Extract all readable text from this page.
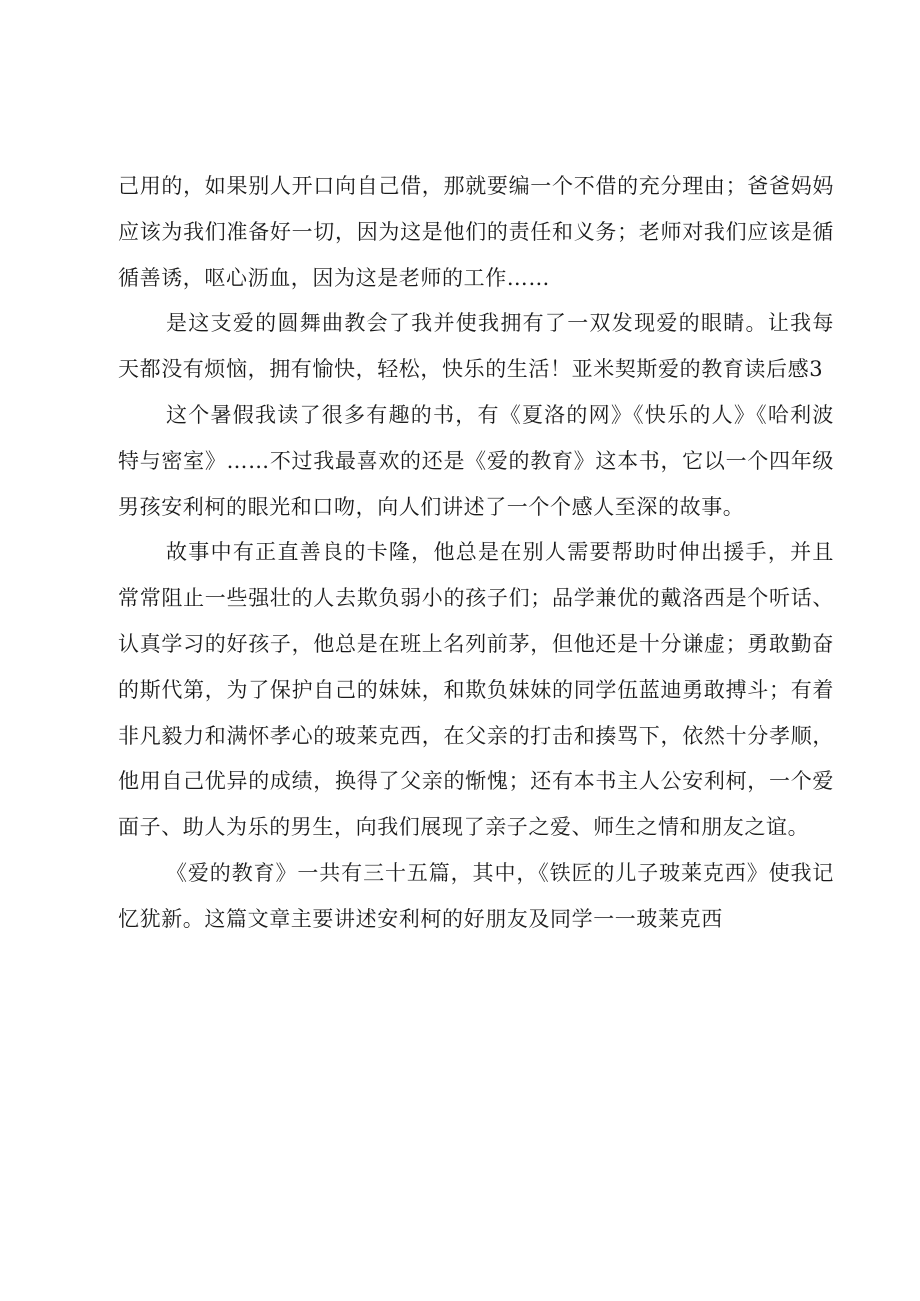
己用的，如果别人开口向自己借，那就要编一个不借的充分理由；爸爸妈妈应该为我们准备好一切，因为这是他们的责任和义务；老师对我们应该是循循善诱，呕心沥血，因为这是老师的工作……

是这支爱的圆舞曲教会了我并使我拥有了一双发现爱的眼睛。让我每天都没有烦恼，拥有愉快，轻松，快乐的生活！亚米契斯爱的教育读后感3

这个暑假我读了很多有趣的书，有《夏洛的网》《快乐的人》《哈利波特与密室》……不过我最喜欢的还是《爱的教育》这本书，它以一个四年级男孩安利柯的眼光和口吻，向人们讲述了一个个感人至深的故事。

故事中有正直善良的卡隆，他总是在别人需要帮助时伸出援手，并且常常阻止一些强壮的人去欺负弱小的孩子们；品学兼优的戴洛西是个听话、认真学习的好孩子，他总是在班上名列前茅，但他还是十分谦虚；勇敢勤奋的斯代第，为了保护自己的妹妹，和欺负妹妹的同学伍蓝迪勇敢搏斗；有着非凡毅力和满怀孝心的玻莱克西，在父亲的打击和揍骂下，依然十分孝顺，他用自己优异的成绩，换得了父亲的惭愧；还有本书主人公安利柯，一个爱面子、助人为乐的男生，向我们展现了亲子之爱、师生之情和朋友之谊。

《爱的教育》一共有三十五篇，其中，《铁匠的儿子玻莱克西》使我记忆犹新。这篇文章主要讲述安利柯的好朋友及同学一一玻莱克西
